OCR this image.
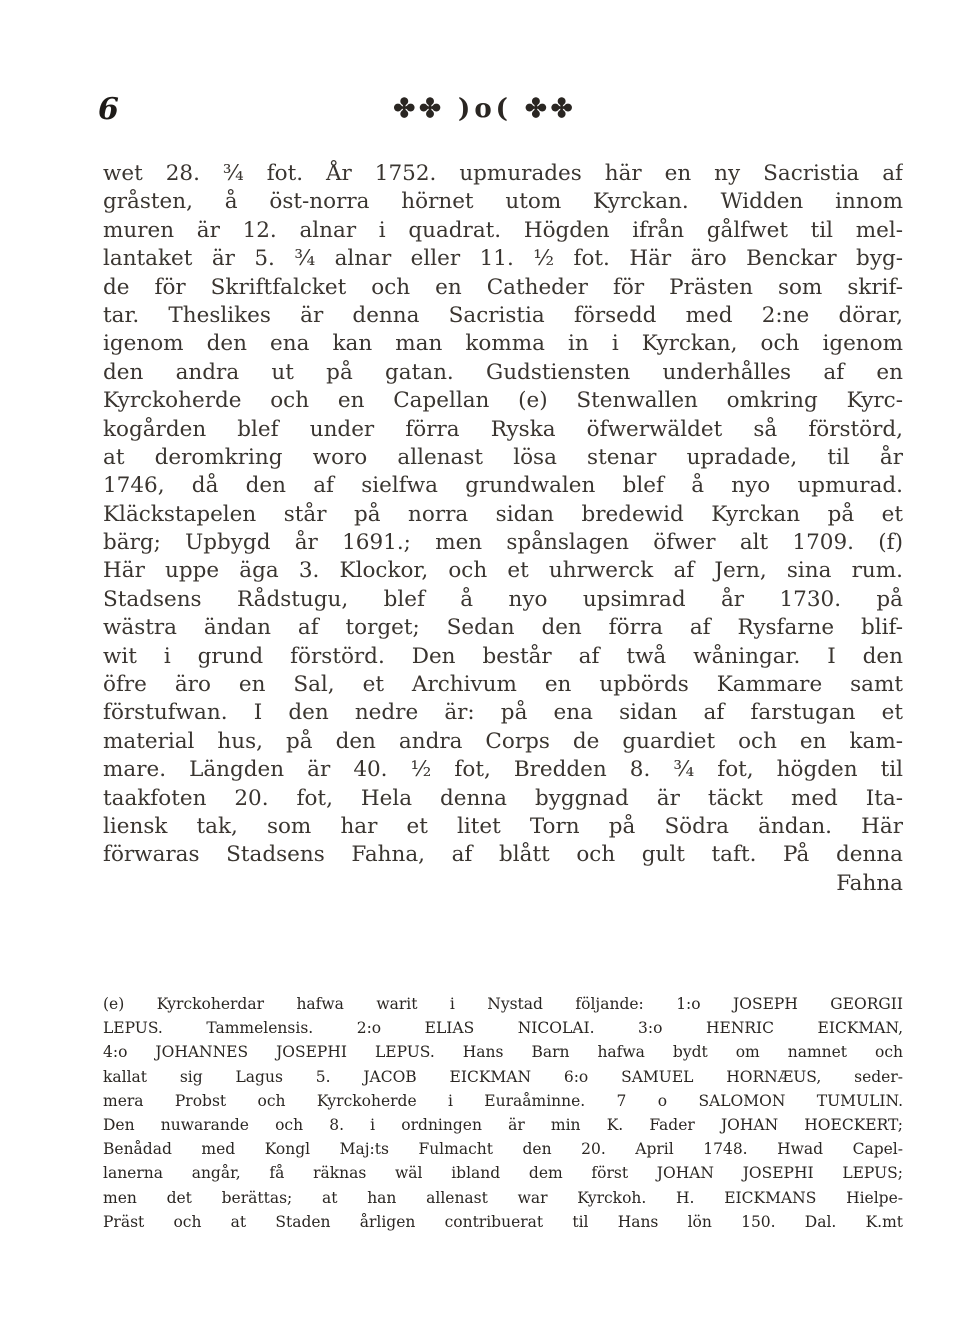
6	✤✤ )o( ✤✤
wet 28. ¾ fot. År 1752. upmurades här en ny Sacristia af
gråsten, å öst-norra hörnet utom Kyrckan. Widden innom
muren är 12. alnar i quadrat. Högden ifrån gålfwet til mel-
lantaket är 5. ¾ alnar eller 11. ½ fot. Här äro Benckar byg-
de för Skriftfalcket och en Catheder för Prästen som skrif-
tar. Theslikes är denna Sacristia försedd med 2:ne dörar,
igenom den ena kan man komma in i Kyrckan, och igenom
den andra ut på gatan. Gudstiensten underhålles af en
Kyrckoherde och en Capellan (e) Stenwallen omkring Kyrc-
kogården blef under förra Ryska öfwerwäldet så förstörd,
at deromkring woro allenast lösa stenar upradade, til år
1746, då den af sielfwa grundwalen blef å nyo upmurad.
Kläckstapelen står på norra sidan bredewid Kyrckan på et
bärg; Upbygd år 1691.; men spånslagen öfwer alt 1709. (f)
Här uppe äga 3. Klockor, och et uhrwerck af Jern, sina rum.
Stadsens Rådstugu, blef å nyo upsimrad år 1730. på
wästra ändan af torget; Sedan den förra af Rysfarne blif-
wit i grund förstörd. Den består af twå wåningar. I den
öfre äro en Sal, et Archivum en upbörds Kammare samt
förstufwan. I den nedre är: på ena sidan af farstugan et
material hus, på den andra Corps de guardiet och en kam-
mare. Längden är 40. ½ fot, Bredden 8. ¾ fot, högden til
taakfoten 20. fot, Hela denna byggnad är täckt med Ita-
liensk tak, som har et litet Torn på Södra ändan. Här
förwaras Stadsens Fahna, af blått och gult taft. På denna
Fahna
(e) Kyrckoherdar hafwa warit i Nystad följande: 1:o JOSEPH GEORGII
LEPUS. Tammelensis. 2:o ELIAS NICOLAI. 3:o HENRIC EICKMAN,
4:o JOHANNES JOSEPHI LEPUS. Hans Barn hafwa bydt om namnet och
kallat sig Lagus 5. JACOB EICKMAN 6:o SAMUEL HORNÆUS, seder-
mera Probst och Kyrckoherde i Euraåminne. 7 o SALOMON TUMULIN.
Den nuwarande och 8. i ordningen är min K. Fader JOHAN HOECKERT;
Benådad med Kongl Maj:ts Fulmacht den 20. April 1748. Hwad Capel-
lanerna angår, få räknas wäl ibland dem först JOHAN JOSEPHI LEPUS;
men det berättas; at han allenast war Kyrckoh. H. EICKMANS Hielpe-
Präst och at Staden årligen contribuerat til Hans lön 150. Dal. K.mt
